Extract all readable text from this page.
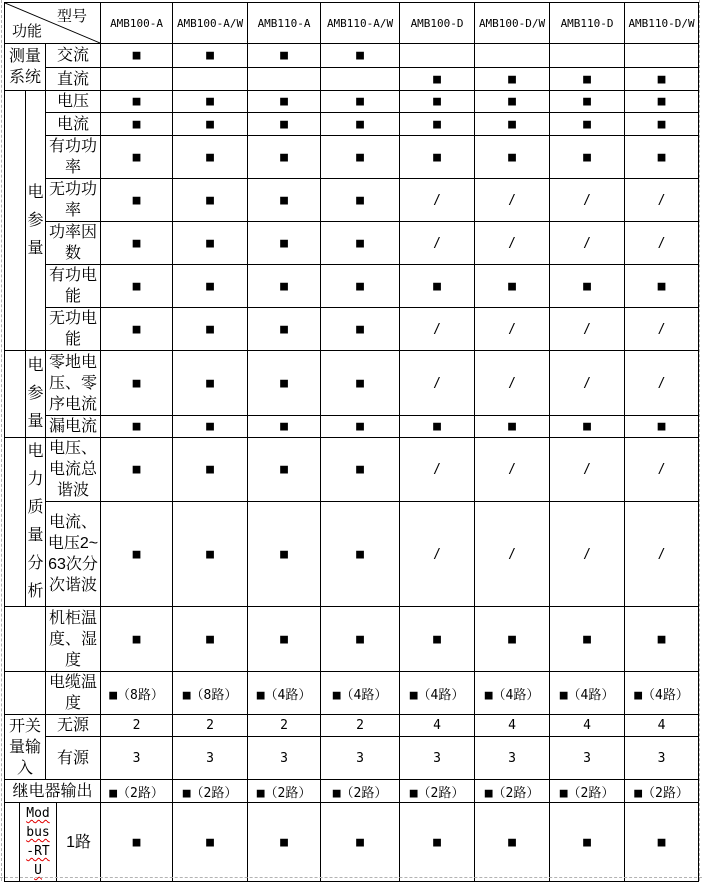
型号
功能					AMB100-A	AMB100-A/W	AMB110-A	AMB110-A/W	AMB100-D	AMB100-D/W	AMB110-D	AMB110-D/W
测量系统			交流		■	■	■	■				
			直流						■	■	■	■
		电参量	电压		■	■	■	■	■	■	■	■
			电流		■	■	■	■	■	■	■	■
			有功功率		■	■	■	■	■	■	■	■
			无功功率		■	■	■	■	/	/	/	/
			功率因数		■	■	■	■	/	/	/	/
			有功电能		■	■	■	■	■	■	■	■
			无功电能		■	■	■	■	/	/	/	/
		电参量	零地电压、零序电流		■	■	■	■	/	/	/	/
			漏电流		■	■	■	■	■	■	■	■
		电力质量分析	电压、电流总谐波		■	■	■	■	/	/	/	/
			电流、电压2~63次分次谐波		■	■	■	■	/	/	/	/
			机柜温度、湿度		■	■	■	■	■	■	■	■
			电缆温度		■（8路）	■（8路）	■（4路）	■（4路）	■（4路）	■（4路）	■（4路）	■（4路）
开关量输入			无源		2	2	2	2	4	4	4	4
			有源		3	3	3	3	3	3	3	3
继电器输出					■（2路）	■（2路）	■（2路）	■（2路）	■（2路）	■（2路）	■（2路）	■（2路）

	Mod
bus
-RT
U			1路	■	■	■	■	■	■	■	■
